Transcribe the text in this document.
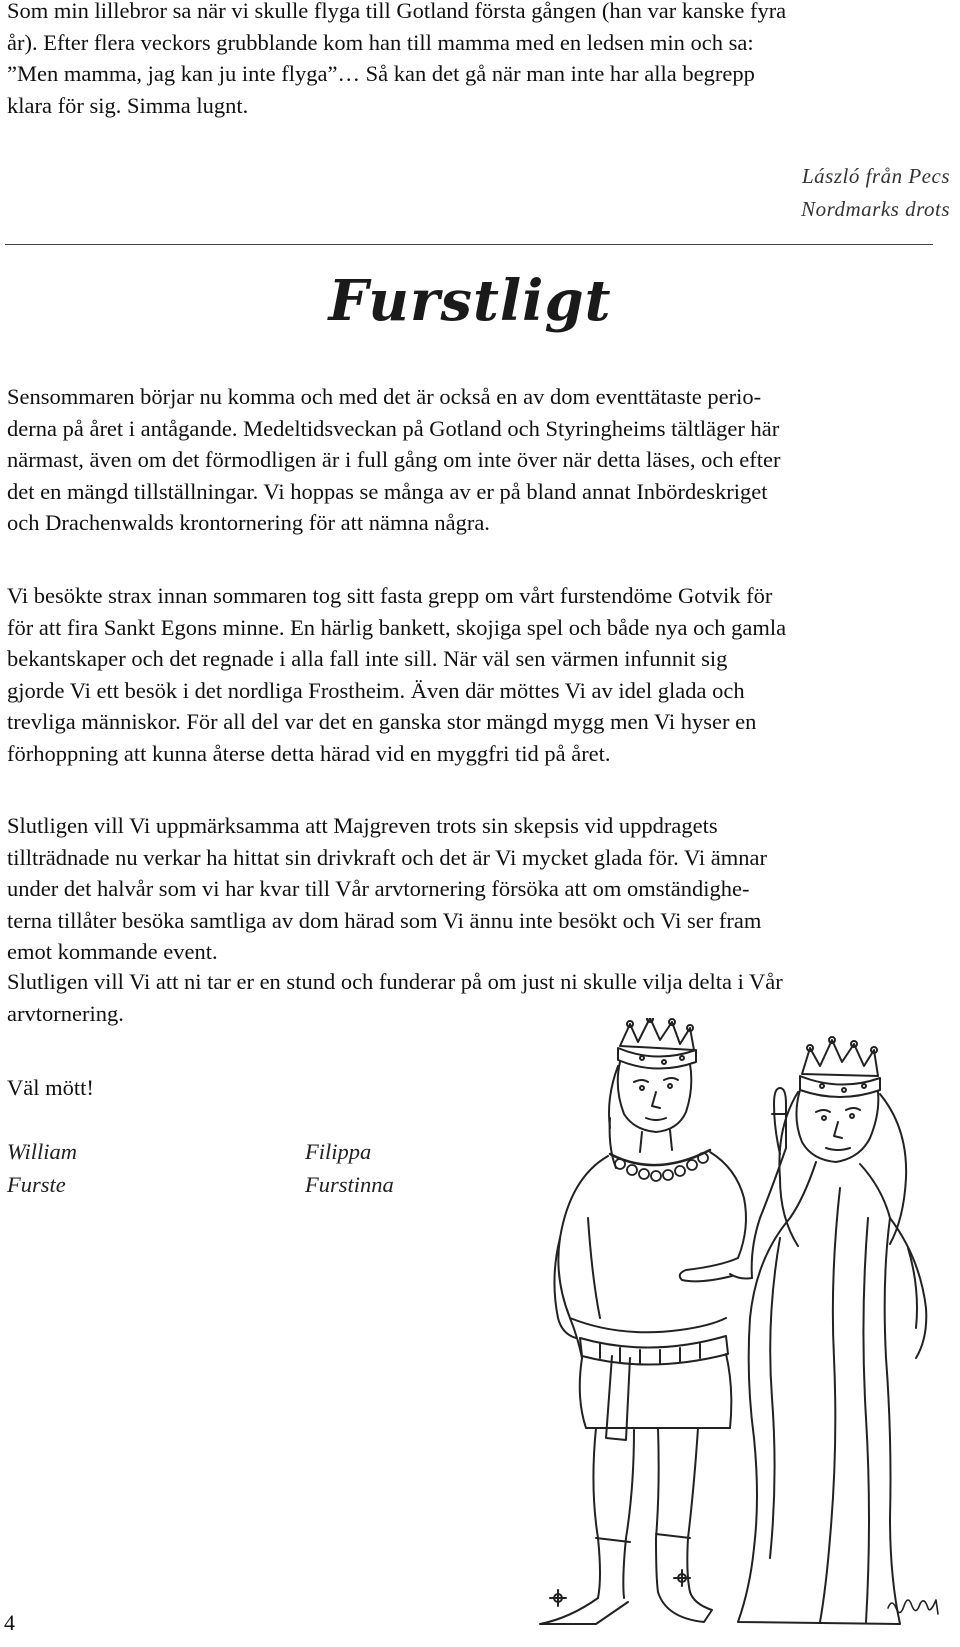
Som min lillebror sa när vi skulle flyga till Gotland första gången (han var kanske fyra
år). Efter flera veckors grubblande kom han till mamma med en ledsen min och sa:
”Men mamma, jag kan ju inte flyga”… Så kan det gå när man inte har alla begrepp
klara för sig. Simma lugnt.
László från Pecs
Nordmarks drots
Furstligt
Sensommaren börjar nu komma och med det är också en av dom eventtätaste perio-
derna på året i antågande. Medeltidsveckan på Gotland och Styringheims tältläger här
närmast, även om det förmodligen är i full gång om inte över när detta läses, och efter
det en mängd tillställningar. Vi hoppas se många av er på bland annat Inbördeskriget
och Drachenwalds krontornering för att nämna några.
Vi besökte strax innan sommaren tog sitt fasta grepp om vårt furstendöme Gotvik för
för att fira Sankt Egons minne. En härlig bankett, skojiga spel och både nya och gamla
bekantskaper och det regnade i alla fall inte sill. När väl sen värmen infunnit sig
gjorde Vi ett besök i det nordliga Frostheim. Även där möttes Vi av idel glada och
trevliga människor. För all del var det en ganska stor mängd mygg men Vi hyser en
förhoppning att kunna återse detta härad vid en myggfri tid på året.
Slutligen vill Vi uppmärksamma att Majgreven trots sin skepsis vid uppdragets
tillträdnade nu verkar ha hittat sin drivkraft och det är Vi mycket glada för. Vi ämnar
under det halvår som vi har kvar till Vår arvtornering försöka att om omständighe-
terna tillåter besöka samtliga av dom härad som Vi ännu inte besökt och Vi ser fram
emot kommande event.
Slutligen vill Vi att ni tar er en stund och funderar på om just ni skulle vilja delta i Vår
arvtornering.
Väl mött!
William
Furste
Filippa
Furstinna
4
